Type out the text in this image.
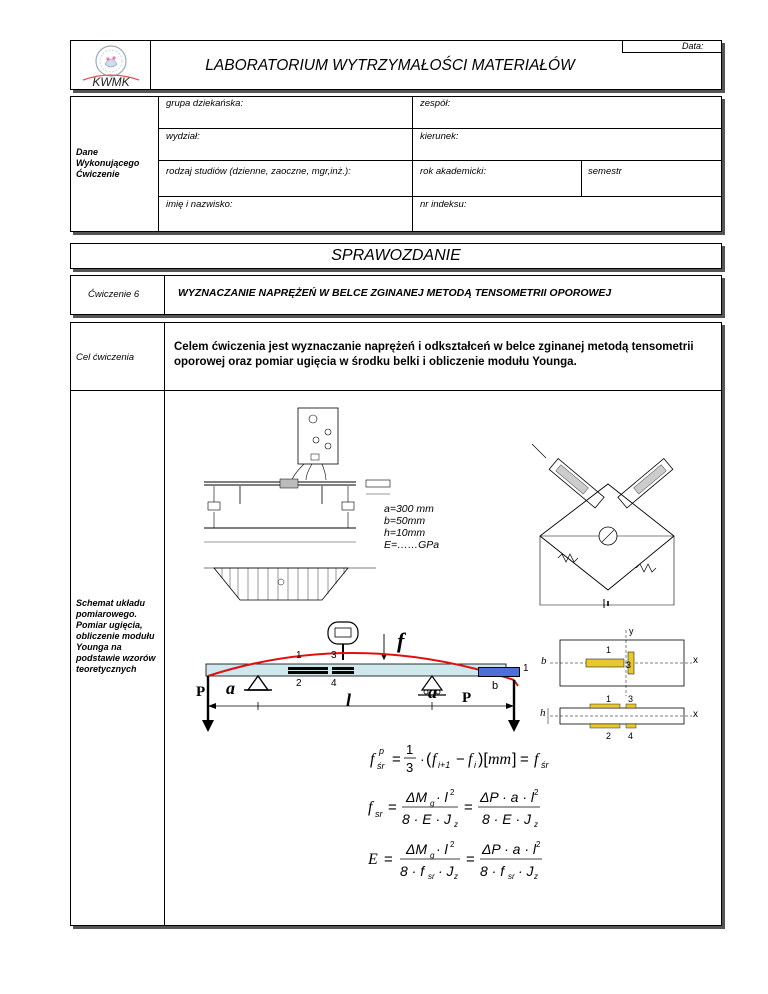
Data:
KWMK
LABORATORIUM WYTRZYMAŁOŚCI MATERIAŁÓW
Dane Wykonującego Ćwiczenie
grupa dziekańska:	zespół:
wydział:	kierunek:
rodzaj studiów (dzienne, zaoczne, mgr,inż.):	rok akademicki:	semestr
imię i nazwisko:	nr indeksu:
SPRAWOZDANIE
Ćwiczenie 6	WYZNACZANIE NAPRĘŻEŃ W BELCE ZGINANEJ METODĄ TENSOMETRII OPOROWEJ
Cel ćwiczenia
Celem ćwiczenia jest wyznaczanie naprężeń i odkształceń w belce zginanej metodą tensometrii oporowej oraz pomiar ugięcia w środku belki i obliczenie modułu Younga.
Schemat układu pomiarowego. Pomiar ugięcia, obliczenie modułu Younga na podstawie wzorów teoretycznych
a=300 mm
b=50mm
h=10mm
E=……GPa
f
1	3
2	4
P	P
a	a
l
1
b
y
x
b
h	x
1
3
1 3
2 4
f śr
p =
1
3
· ( f i+1 − f i )[ mm ] = f śr
f sr =
ΔM g · l 2
8 · E · J z
=
ΔP · a · l 2
8 · E · J z
E =
ΔM g · l 2
8 · f sr · J z
=
ΔP · a · l 2
8 · f sr · J z
